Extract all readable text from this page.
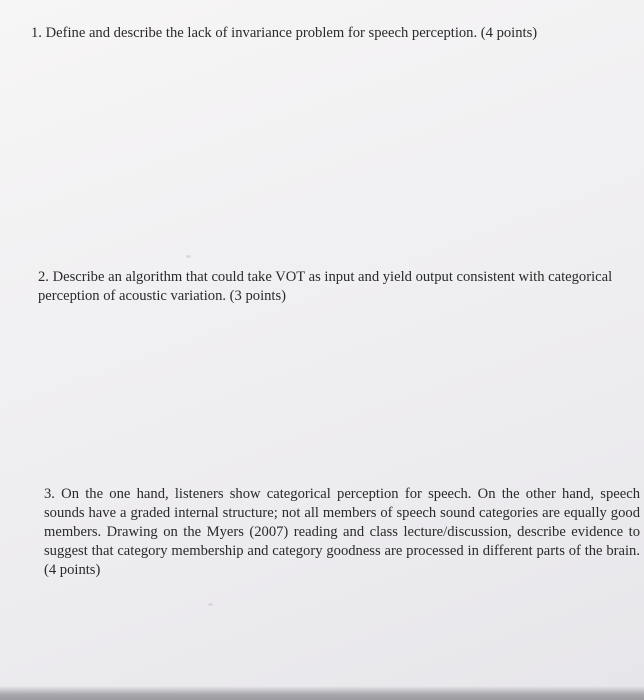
1. Define and describe the lack of invariance problem for speech perception. (4 points)

2. Describe an algorithm that could take VOT as input and yield output consistent with categorical perception of acoustic variation. (3 points)

3. On the one hand, listeners show categorical perception for speech. On the other hand, speech sounds have a graded internal structure; not all members of speech sound categories are equally good members. Drawing on the Myers (2007) reading and class lecture/discussion, describe evidence to suggest that category membership and category goodness are processed in different parts of the brain. (4 points)
